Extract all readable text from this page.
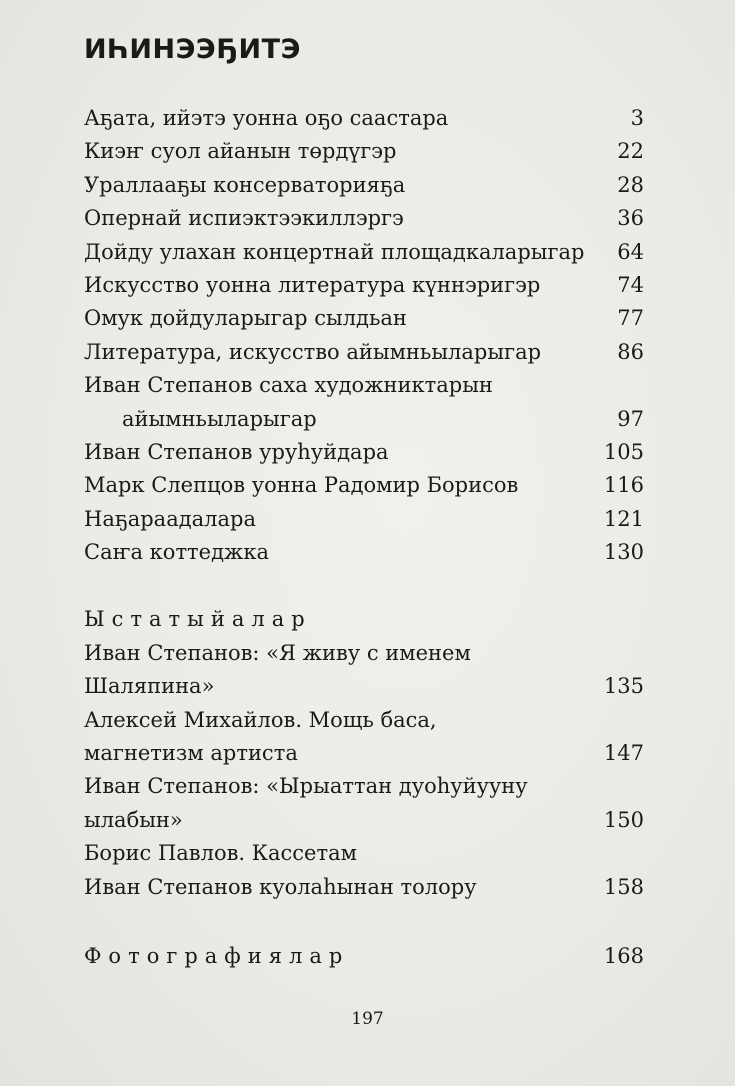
ИҺИНЭЭҔИТЭ
Аҕата, ийэтэ уонна оҕо саастара	3
Киэҥ суол айанын төрдүгэр	22
Ураллааҕы консерваторияҕа	28
Опернай испиэктээкиллэргэ	36
Дойду улахан концертнай площадкаларыгар 64
Искусство уонна литература күннэригэр	74
Омук дойдуларыгар сылдьан	77
Литература, искусство айымньыларыгар	86
Иван Степанов саха художниктарын
айымньыларыгар	97
Иван Степанов уруһуйдара	105
Марк Слепцов уонна Радомир Борисов	116
Наҕараадалара	121
Саҥа коттеджка	130
Ыстатыйалар
Иван Степанов: «Я живу с именем
Шаляпина»	135
Алексей Михайлов. Мощь баса,
магнетизм артиста	147
Иван Степанов: «Ырыаттан дуоһуйууну
ылабын»	150
Борис Павлов. Кассетам
Иван Степанов куолаһынан толору	158
Фотографиялар	168
197
